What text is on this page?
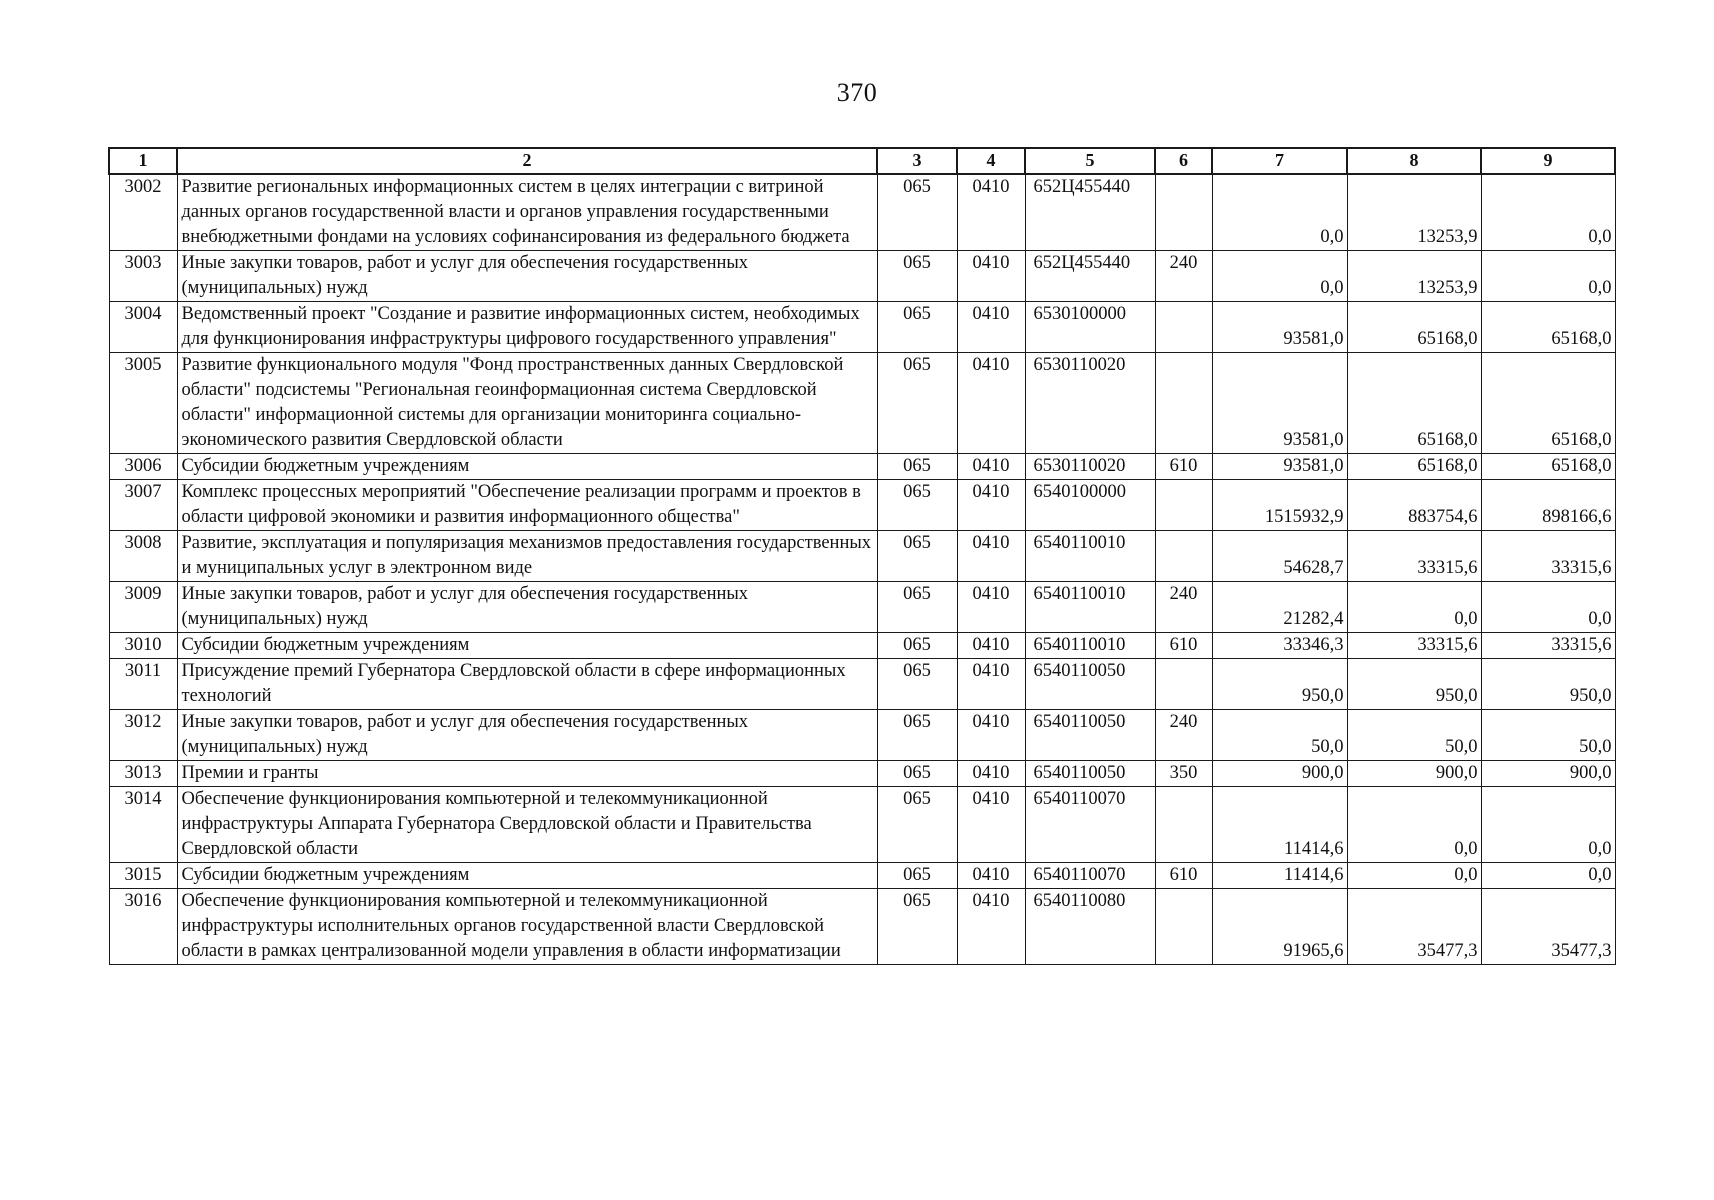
370
1	2	3	4	5	6	7	8	9
3002	Развитие региональных информационных систем в целях интеграции с витриной данных органов государственной власти и органов управления государственными внебюджетными фондами на условиях софинансирования из федерального бюджета	065	0410	652Ц455440		0,0	13253,9	0,0
3003	Иные закупки товаров, работ и услуг для обеспечения государственных (муниципальных) нужд	065	0410	652Ц455440	240	0,0	13253,9	0,0
3004	Ведомственный проект "Создание и развитие информационных систем, необходимых для функционирования инфраструктуры цифрового государственного управления"	065	0410	6530100000		93581,0	65168,0	65168,0
3005	Развитие функционального модуля "Фонд пространственных данных Свердловской области" подсистемы "Региональная геоинформационная система Свердловской области" информационной системы для организации мониторинга социально-экономического развития Свердловской области	065	0410	6530110020		93581,0	65168,0	65168,0
3006	Субсидии бюджетным учреждениям	065	0410	6530110020	610	93581,0	65168,0	65168,0
3007	Комплекс процессных мероприятий "Обеспечение реализации программ и проектов в области цифровой экономики и развития информационного общества"	065	0410	6540100000		1515932,9	883754,6	898166,6
3008	Развитие, эксплуатация и популяризация механизмов предоставления государственных и муниципальных услуг в электронном виде	065	0410	6540110010		54628,7	33315,6	33315,6
3009	Иные закупки товаров, работ и услуг для обеспечения государственных (муниципальных) нужд	065	0410	6540110010	240	21282,4	0,0	0,0
3010	Субсидии бюджетным учреждениям	065	0410	6540110010	610	33346,3	33315,6	33315,6
3011	Присуждение премий Губернатора Свердловской области в сфере информационных технологий	065	0410	6540110050		950,0	950,0	950,0
3012	Иные закупки товаров, работ и услуг для обеспечения государственных (муниципальных) нужд	065	0410	6540110050	240	50,0	50,0	50,0
3013	Премии и гранты	065	0410	6540110050	350	900,0	900,0	900,0
3014	Обеспечение функционирования компьютерной и телекоммуникационной инфраструктуры Аппарата Губернатора Свердловской области и Правительства Свердловской области	065	0410	6540110070		11414,6	0,0	0,0
3015	Субсидии бюджетным учреждениям	065	0410	6540110070	610	11414,6	0,0	0,0
3016	Обеспечение функционирования компьютерной и телекоммуникационной инфраструктуры исполнительных органов государственной власти Свердловской области в рамках централизованной модели управления в области информатизации	065	0410	6540110080		91965,6	35477,3	35477,3
